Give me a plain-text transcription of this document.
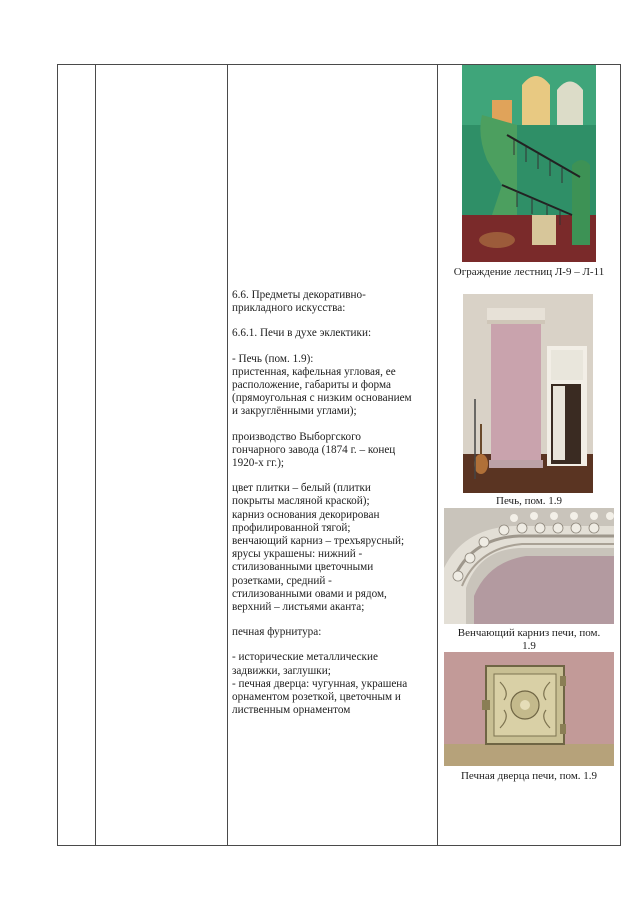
6.6. Предметы декоративно-

прикладного искусства:

6.6.1. Печи в духе эклектики:

- Печь (пом. 1.9):

пристенная, кафельная угловая, ее

расположение, габариты и форма

(прямоугольная с низким основанием

и закруглёнными углами);

производство Выборгского

гончарного завода (1874 г. – конец

1920-х гг.);

цвет плитки – белый (плитки

покрыты масляной краской);

карниз основания декорирован

профилированной тягой;

венчающий карниз – трехъярусный;

ярусы украшены: нижний -

стилизованными цветочными

розетками, средний -

стилизованными овами и рядом,

верхний – листьями аканта;

печная фурнитура:

- исторические металлические

задвижки, заглушки;

- печная дверца: чугунная, украшена

орнаментом розеткой, цветочным и

лиственным орнаментом

Ограждение лестниц Л-9 – Л-11
Печь, пом. 1.9
Венчающий карниз печи, пом.
1.9
Печная дверца печи, пом. 1.9
